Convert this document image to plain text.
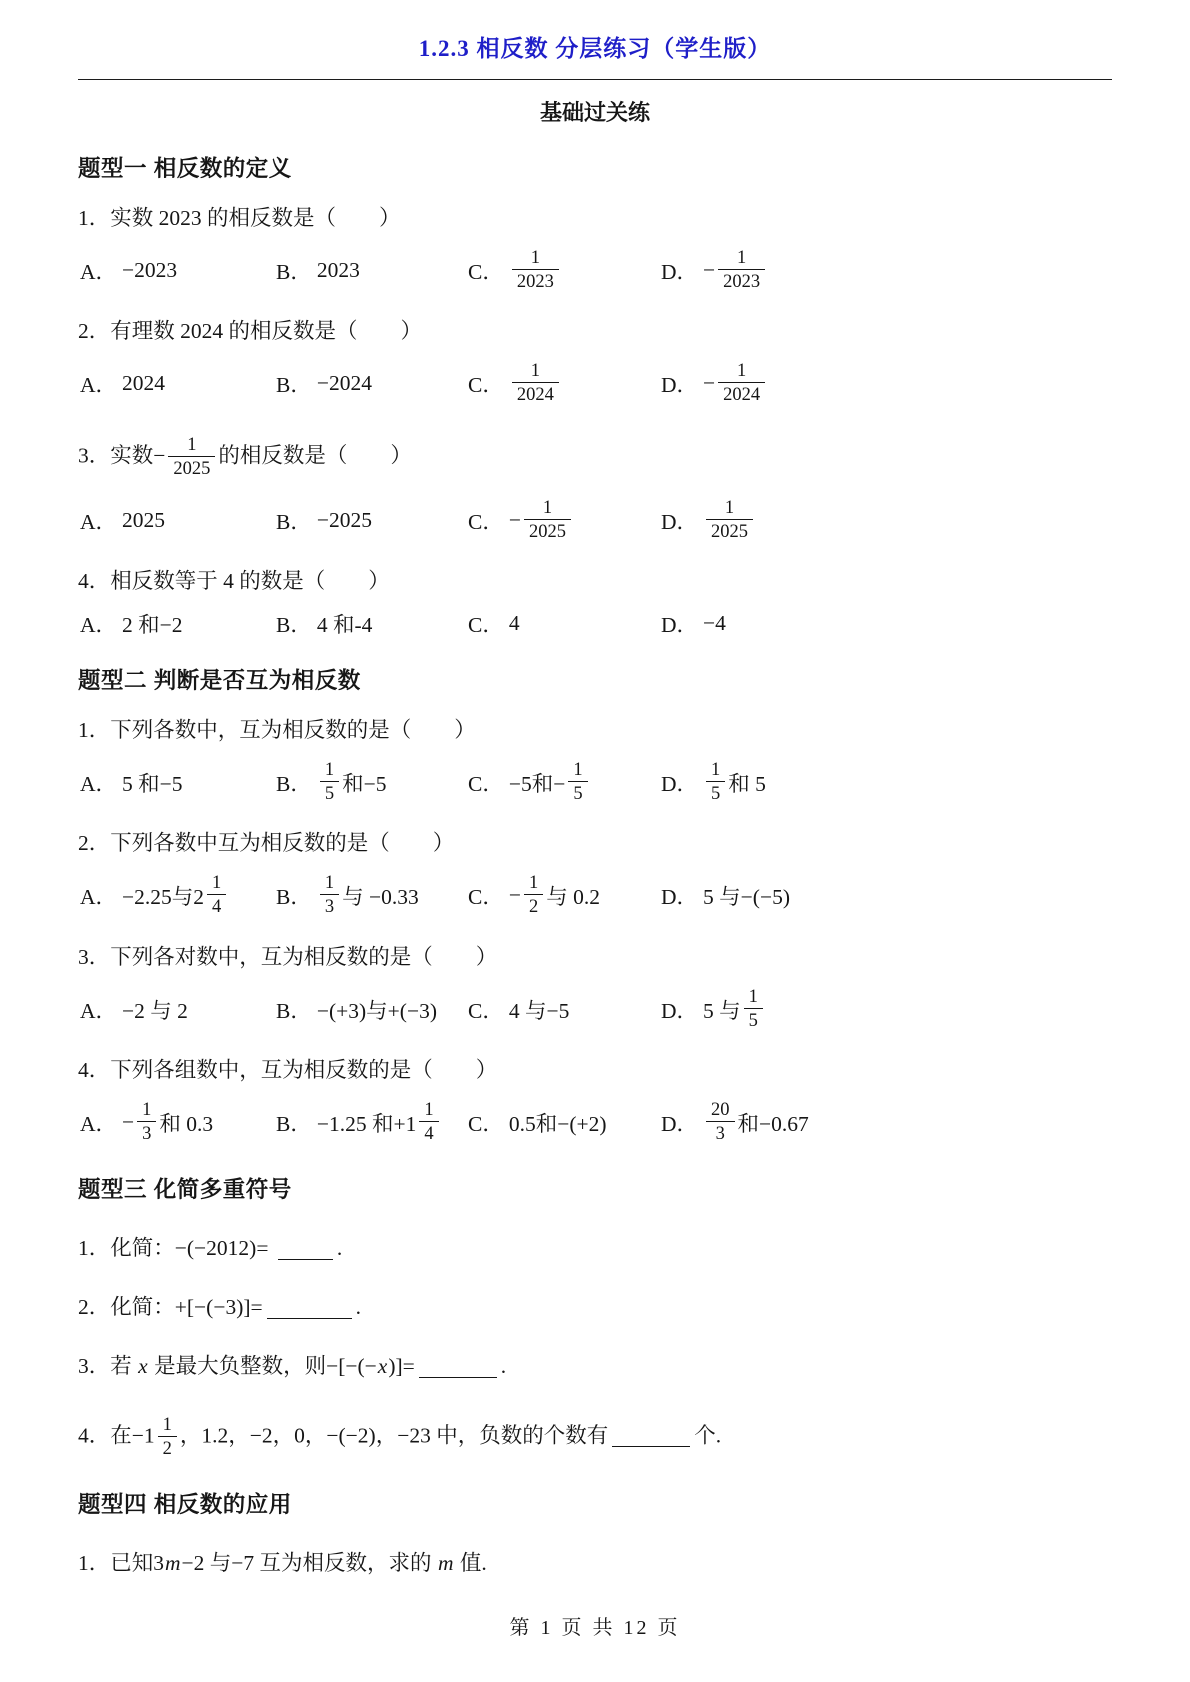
1.2.3 相反数 分层练习（学生版）
基础过关练
题型一 相反数的定义
1．实数 2023 的相反数是（　　）
A． −2023	B． 2023	C． $\frac{1}{2023}$	D． − $\frac{1}{2023}$
2．有理数 2024 的相反数是（　　）
A． 2024	B． −2024	C． $\frac{1}{2024}$	D． − $\frac{1}{2024}$
3．实数− $\frac{1}{2025}$ 的相反数是（　　）
A． 2025	B． −2025	C． − $\frac{1}{2025}$	D． $\frac{1}{2025}$
4．相反数等于 4 的数是（　　）
A． 2 和−2	B． 4 和-4	C． 4	D． −4
题型二 判断是否互为相反数
1．下列各数中，互为相反数的是（　　）
A． 5 和−5	B． $\frac{1}{5}$ 和−5	C． −5和− $\frac{1}{5}$	D． $\frac{1}{5}$ 和 5
2．下列各数中互为相反数的是（　　）
A． −2.25与$2 \frac{1}{4}$ B． $\frac{1}{3}$ 与 −0.33 C． − $\frac{1}{2}$ 与 0.2	D． 5 与−(−5)
3．下列各对数中，互为相反数的是（　　）
A． −2 与 2	B． −(+3)与+(−3) C． 4 与−5	D． 5 与 $\frac{1}{5}$
4．下列各组数中，互为相反数的是（　　）
A． − $\frac{1}{3}$ 和 0.3	B． −1.25 和$+1 \frac{1}{4}$ C． 0.5和−(+2)	D． $\frac{20}{3}$ 和−0.67
题型三 化简多重符号
1．化简：−(−2012)=	.
2．化简：+[−(−3)]=	.
3．若 x 是最大负整数，则−[−(−x)]=	.
4．在$-1 \frac{1}{2}$ ，1.2，−2，0，−(−2)，−23 中，负数的个数有	个.
题型四 相反数的应用
1．已知3m−2 与−7 互为相反数，求的 m 值.
第 1 页 共 12 页
